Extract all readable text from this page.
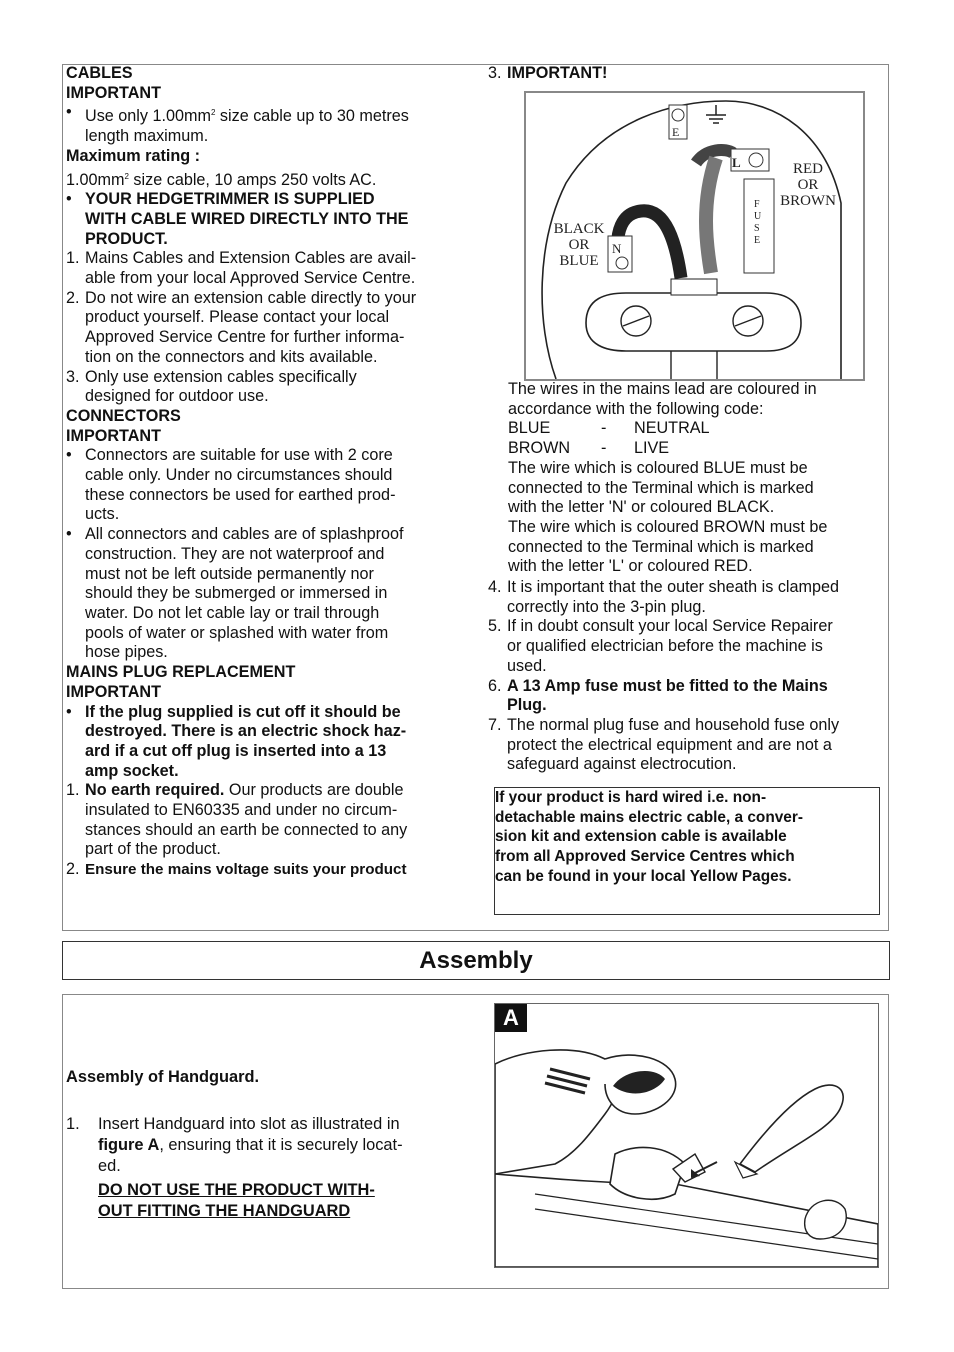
CABLES

IMPORTANT

• Use only $1.00mm^2$ size cable up to 30 metres

length maximum.

Maximum rating :

$1.00mm^2$ size cable, 10 amps 250 volts AC.

• YOUR HEDGETRIMMER IS SUPPLIED

WITH CABLE WIRED DIRECTLY INTO THE

PRODUCT.

1. Mains Cables and Extension Cables are avail-

able from your local Approved Service Centre.

2. Do not wire an extension cable directly to your

product yourself. Please contact your local

Approved Service Centre for further informa-

tion on the connectors and kits available.

3. Only use extension cables specifically

designed for outdoor use.

CONNECTORS

IMPORTANT

• Connectors are suitable for use with 2 core

cable only. Under no circumstances should

these connectors be used for earthed prod-

ucts.

• All connectors and cables are of splashproof

construction. They are not waterproof and

must not be left outside permanently nor

should they be submerged or immersed in

water. Do not let cable lay or trail through

pools of water or splashed with water from

hose pipes.

MAINS PLUG REPLACEMENT

IMPORTANT

• If the plug supplied is cut off it should be

destroyed. There is an electric shock haz-

ard if a cut off plug is inserted into a 13

amp socket.

1. No earth required. Our products are double

insulated to EN60335 and under no circum-

stances should an earth be connected to any

part of the product.

2. Ensure the mains voltage suits your product

3. IMPORTANT!

E
L
F
U
S
E
N
RED
OR
BROWN
BLACK
OR
BLUE

The wires in the mains lead are coloured in

accordance with the following code:

BLUE	-	NEUTRAL

BROWN	-	LIVE

The wire which is coloured BLUE must be

connected to the Terminal which is marked

with the letter 'N' or coloured BLACK.

The wire which is coloured BROWN must be

connected to the Terminal which is marked

with the letter 'L' or coloured RED.

4. It is important that the outer sheath is clamped

correctly into the 3-pin plug.

5. If in doubt consult your local Service Repairer

or qualified electrician before the machine is

used.

6. A 13 Amp fuse must be fitted to the Mains

Plug.

7. The normal plug fuse and household fuse only

protect the electrical equipment and are not a

safeguard against electrocution.

If your product is hard wired i.e. non-

detachable mains electric cable, a conver-

sion kit and extension cable is available

from all Approved Service Centres which

can be found in your local Yellow Pages.

Assembly

Assembly of Handguard.

1. Insert Handguard into slot as illustrated in

figure A, ensuring that it is securely locat-

ed.

DO NOT USE THE PRODUCT WITH-

OUT FITTING THE HANDGUARD

A
